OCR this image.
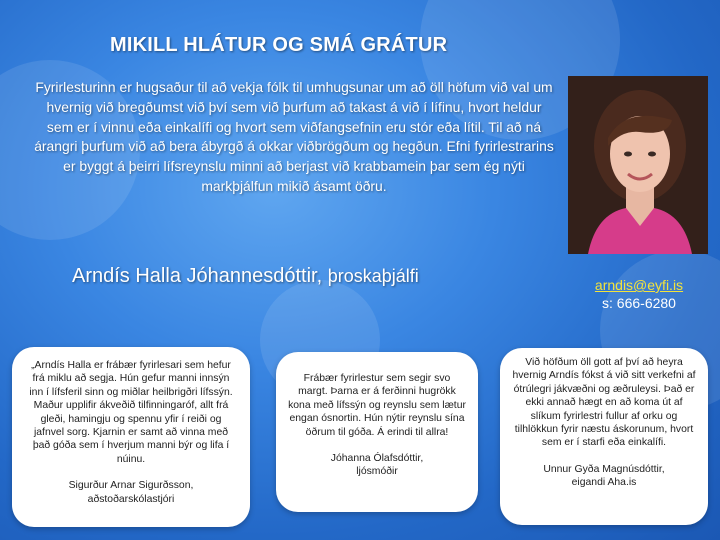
MIKILL HLÁTUR OG SMÁ GRÁTUR
Fyrirlesturinn er hugsaður til að vekja fólk til umhugsunar um að öll höfum við val um hvernig við bregðumst við því sem við þurfum að takast á við í lífinu, hvort heldur sem er í vinnu eða einkalífi og hvort sem viðfangsefnin eru stór eða lítil. Til að ná árangri þurfum við að bera ábyrgð á okkar viðbrögðum og hegðun. Efni fyrirlestrarins er byggt á þeirri lífsreynslu minni að berjast við krabbamein þar sem ég nýti markþjálfun mikið ásamt öðru.
Arndís Halla Jóhannesdóttir, þroskaþjálfi	arndis@eyfi.is
s: 666-6280

„Arndís Halla er frábær fyrirlesari sem hefur frá miklu að segja. Hún gefur manni innsýn inn í lífsferil sinn og miðlar heilbrigðri lífssýn. Maður upplifir ákveðið tilfinningaróf, allt frá gleði, hamingju og spennu yfir í reiði og jafnvel sorg. Kjarnin er samt að vinna með það góða sem í hverjum manni býr og lifa í núinu.

Sigurður Arnar Sigurðsson,

aðstoðarskólastjóri

Frábær fyrirlestur sem segir svo margt. Þarna er á ferðinni hugrökk kona með lífssýn og reynslu sem lætur engan ósnortin. Hún nýtir reynslu sína öðrum til góða. Á erindi til allra!

Jóhanna Ólafsdóttir,

ljósmóðir

Við höfðum öll gott af því að heyra hvernig Arndís fókst á við sitt verkefni af ótrúlegri jákvæðni og æðruleysi. Það er ekki annað hægt en að koma út af slíkum fyrirlestri fullur af orku og tilhlökkun fyrir næstu áskorunum, hvort sem er í starfi eða einkalífi.

Unnur Gyða Magnúsdóttir,

eigandi Aha.is
